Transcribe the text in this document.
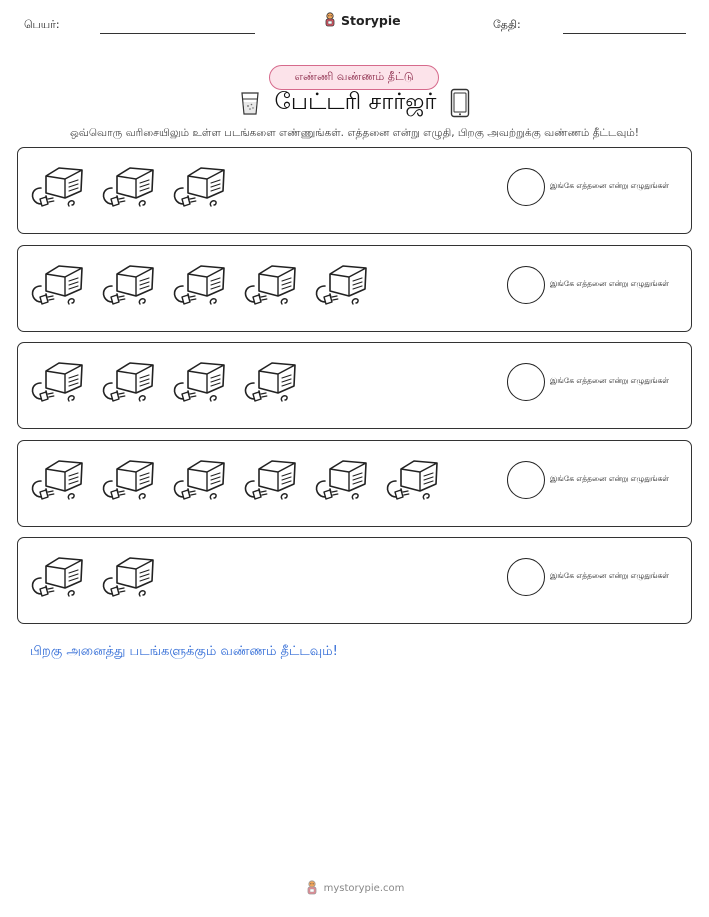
பெயர்:	Storypie	தேதி:
எண்ணி வண்ணம் தீட்டு
பேட்டரி சார்ஜர்
ஒவ்வொரு வரிசையிலும் உள்ள படங்களை எண்ணுங்கள். எத்தனை என்று எழுதி, பிறகு அவற்றுக்கு வண்ணம் தீட்டவும்!
இங்கே எத்தனை என்று எழுதுங்கள்
இங்கே எத்தனை என்று எழுதுங்கள்
இங்கே எத்தனை என்று எழுதுங்கள்
இங்கே எத்தனை என்று எழுதுங்கள்
இங்கே எத்தனை என்று எழுதுங்கள்
பிறகு அனைத்து படங்களுக்கும் வண்ணம் தீட்டவும்!
mystorypie.com
